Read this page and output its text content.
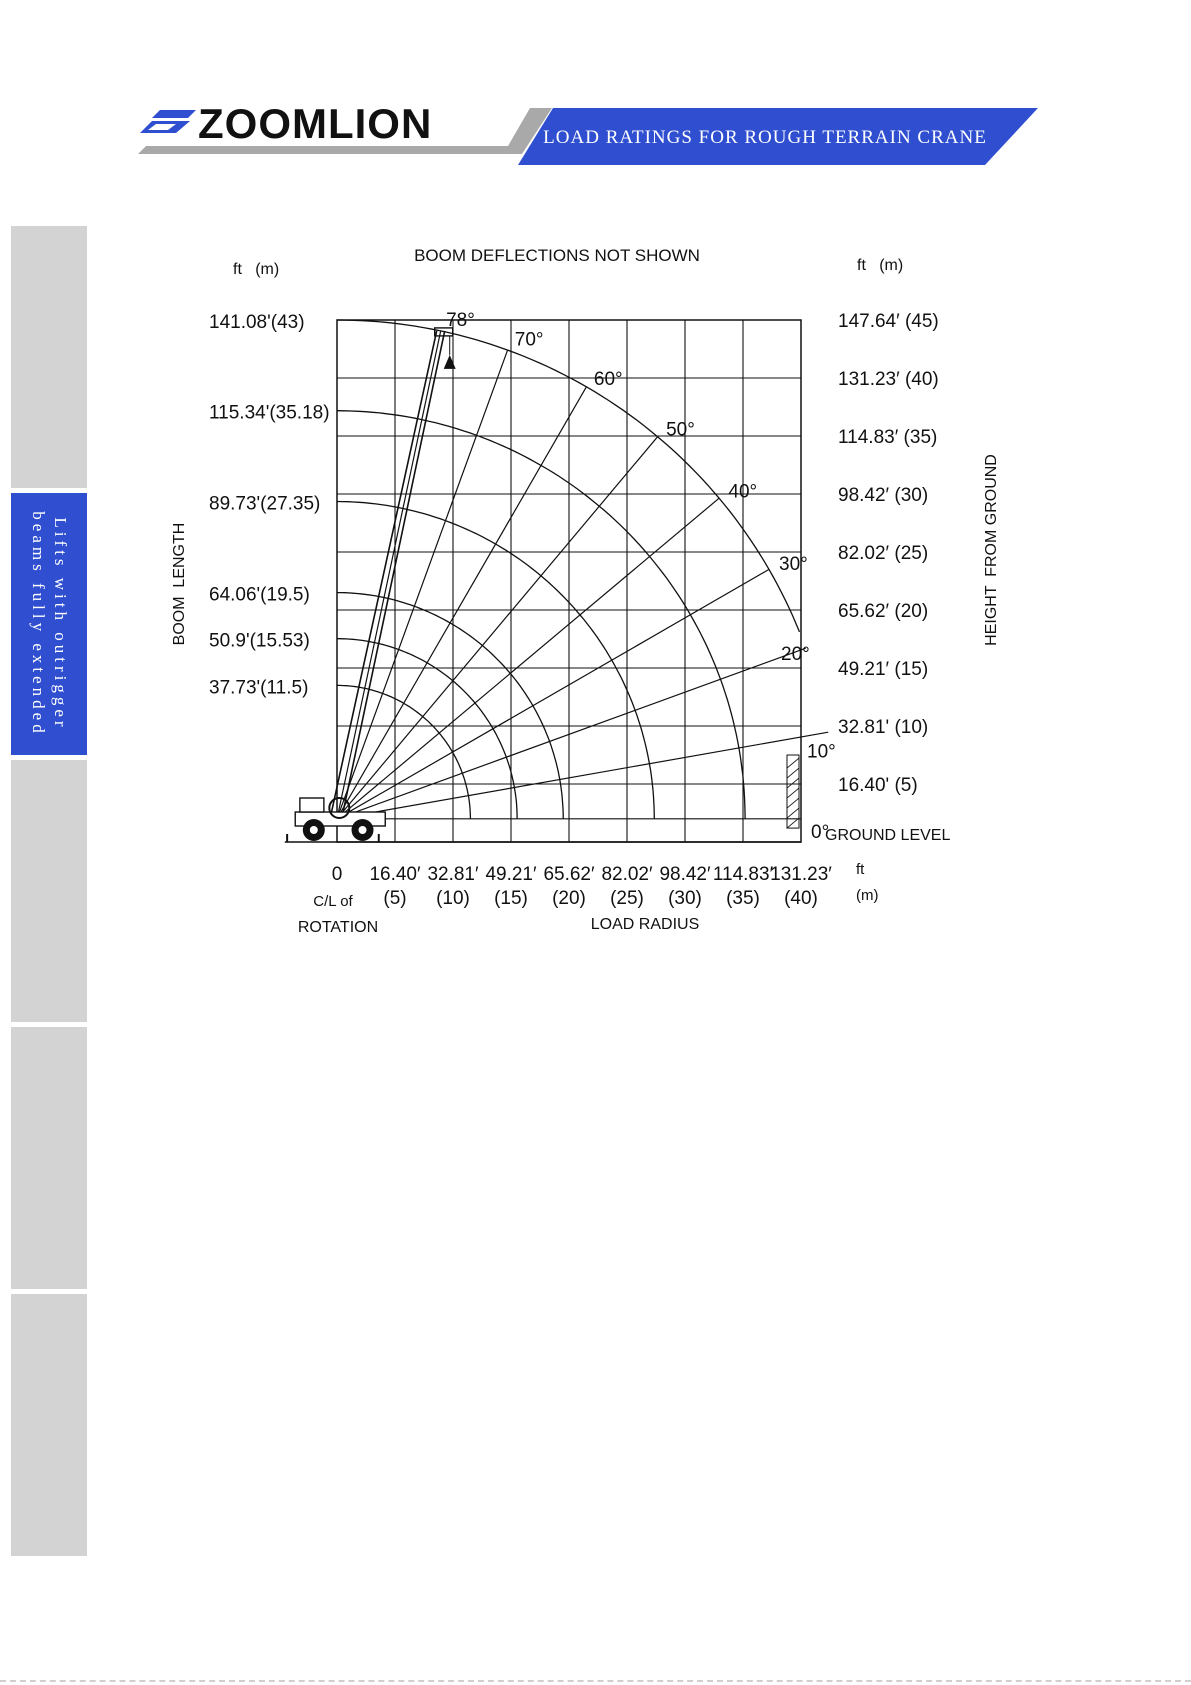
ZOOMLION	LOAD RATINGS FOR ROUGH TERRAIN CRANE
Lifts with outrigger
beams fully extended
0°
10°
20°
30°
40°
50°
60°
70°
78°
BOOM DEFLECTIONS NOT SHOWN
ft   (m)	ft   (m)
BOOM  LENGTH	HEIGHT  FROM GROUND
GROUND LEVEL
0
C/L of
ROTATION
ft
(m)
LOAD RADIUS
141.08'(43)
115.34'(35.18)
89.73'(27.35)
64.06'(19.5)
50.9'(15.53)
37.73'(11.5)
147.64′ (45)
131.23′ (40)
114.83′ (35)
98.42′ (30)
82.02′ (25)
65.62′ (20)
49.21′ (15)
32.81' (10)
16.40' (5)
16.40′
(5)
32.81′
(10)
49.21′
(15)
65.62′
(20)
82.02′
(25)
98.42′
(30)
114.83′
(35)
131.23′
(40)
